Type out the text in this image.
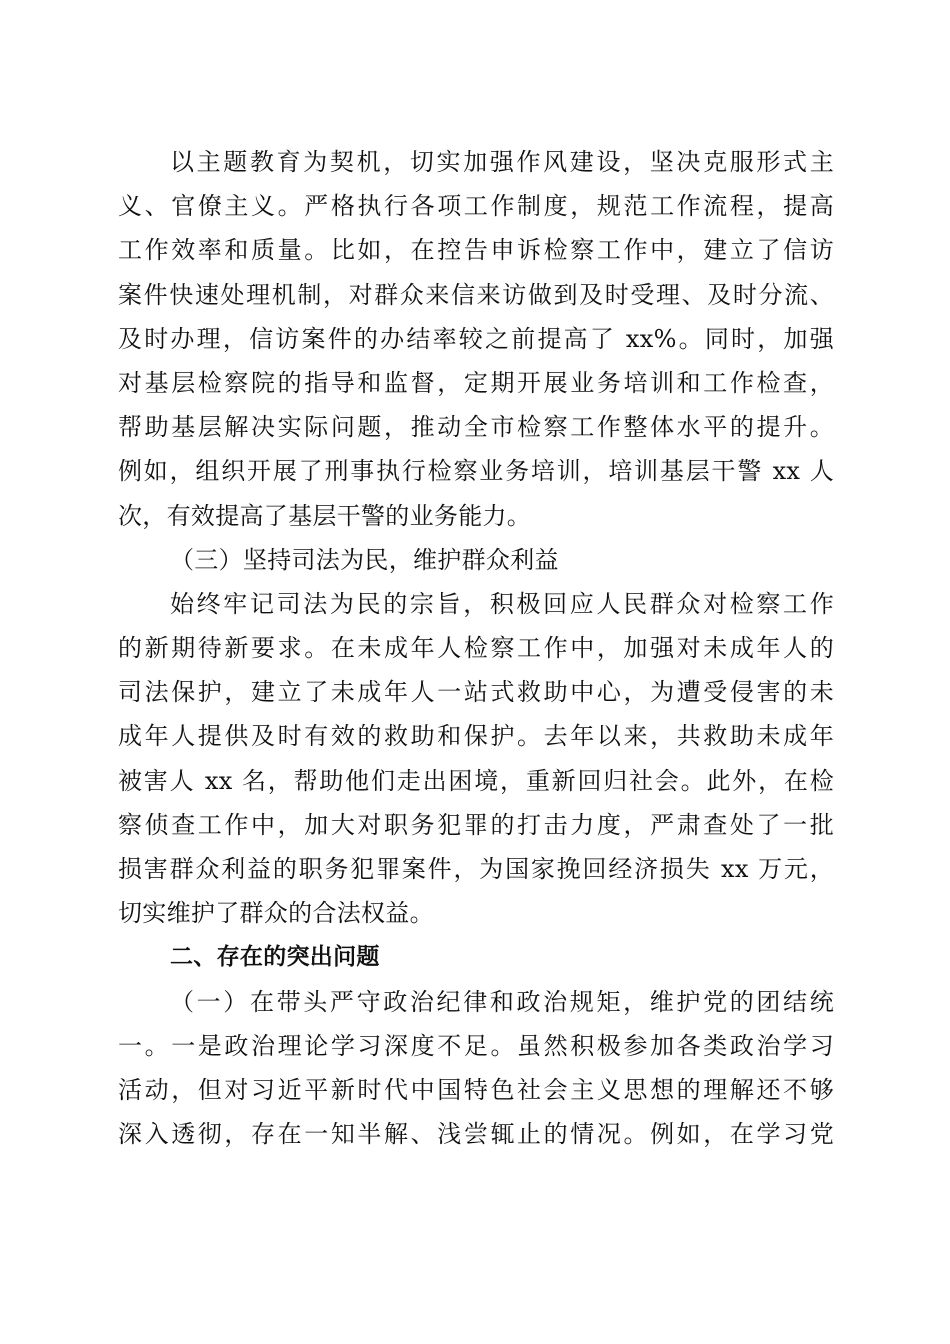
以主题教育为契机，切实加强作风建设，坚决克服形式主
义、官僚主义。严格执行各项工作制度，规范工作流程，提高
工作效率和质量。比如，在控告申诉检察工作中，建立了信访
案件快速处理机制，对群众来信来访做到及时受理、及时分流、
及时办理，信访案件的办结率较之前提高了 xx%。同时，加强
对基层检察院的指导和监督，定期开展业务培训和工作检查，
帮助基层解决实际问题，推动全市检察工作整体水平的提升。
例如，组织开展了刑事执行检察业务培训，培训基层干警 xx 人
次，有效提高了基层干警的业务能力。
（三）坚持司法为民，维护群众利益
始终牢记司法为民的宗旨，积极回应人民群众对检察工作
的新期待新要求。在未成年人检察工作中，加强对未成年人的
司法保护，建立了未成年人一站式救助中心，为遭受侵害的未
成年人提供及时有效的救助和保护。去年以来，共救助未成年
被害人 xx 名，帮助他们走出困境，重新回归社会。此外，在检
察侦查工作中，加大对职务犯罪的打击力度，严肃查处了一批
损害群众利益的职务犯罪案件，为国家挽回经济损失 xx 万元，
切实维护了群众的合法权益。
二、存在的突出问题
（一）在带头严守政治纪律和政治规矩，维护党的团结统
一。一是政治理论学习深度不足。虽然积极参加各类政治学习
活动，但对习近平新时代中国特色社会主义思想的理解还不够
深入透彻，存在一知半解、浅尝辄止的情况。例如，在学习党
